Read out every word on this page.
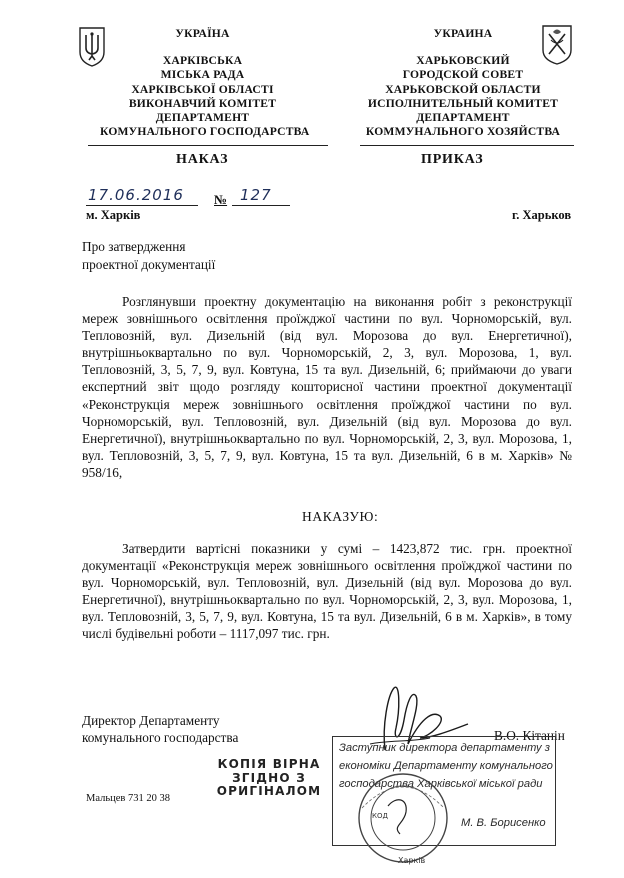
УКРАЇНА
ХАРКІВСЬКА
МІСЬКА РАДА
ХАРКІВСЬКОЇ ОБЛАСТІ
ВИКОНАВЧИЙ КОМІТЕТ
ДЕПАРТАМЕНТ
КОМУНАЛЬНОГО ГОСПОДАРСТВА
УКРАИНА
ХАРЬКОВСКИЙ
ГОРОДСКОЙ СОВЕТ
ХАРЬКОВСКОЙ ОБЛАСТИ
ИСПОЛНИТЕЛЬНЫЙ КОМИТЕТ
ДЕПАРТАМЕНТ
КОММУНАЛЬНОГО ХОЗЯЙСТВА
НАКАЗ	ПРИКАЗ
17.06.2016 № 127
м. Харків	г. Харьков
Про затвердження
проектної документації

Розглянувши проектну документацію на виконання робіт з реконструкції мереж зовнішнього освітлення проїжджої частини по вул. Чорноморській, вул. Тепловозній, вул. Дизельній (від вул. Морозова до вул. Енергетичної), внутрішньоквартально по вул. Чорноморській, 2, 3, вул. Морозова, 1, вул. Тепловозній, 3, 5, 7, 9, вул. Ковтуна, 15 та вул. Дизельній, 6; приймаючи до уваги експертний звіт щодо розгляду кошторисної частини проектної документації «Реконструкція мереж зовнішнього освітлення проїжджої частини по вул. Чорноморській, вул. Тепловозній, вул. Дизельній (від вул. Морозова до вул. Енергетичної), внутрішньоквартально по вул. Чорноморській, 2, 3, вул. Морозова, 1, вул. Тепловозній, 3, 5, 7, 9, вул. Ковтуна, 15 та вул. Дизельній, 6 в м. Харків» № 958/16,

НАКАЗУЮ:

Затвердити вартісні показники у сумі – 1423,872 тис. грн. проектної документації «Реконструкція мереж зовнішнього освітлення проїжджої частини по вул. Чорноморській, вул. Тепловозній, вул. Дизельній (від вул. Морозова до вул. Енергетичної), внутрішньоквартально по вул. Чорноморській, 2, 3, вул. Морозова, 1, вул. Тепловозній, 3, 5, 7, 9, вул. Ковтуна, 15 та вул. Дизельній, 6 в м. Харків», в тому числі будівельні роботи – 1117,097 тис. грн.

Директор Департаменту
комунального господарства	В.О. Кітанін
КОПІЯ ВІРНА
ЗГІДНО З
ОРИГІНАЛОМ
Мальцев 731 20 38
Заступник директора департаменту з
економіки Департаменту комунального
господарства Харківської міської ради
М. В. Борисенко
КОД
Харків
